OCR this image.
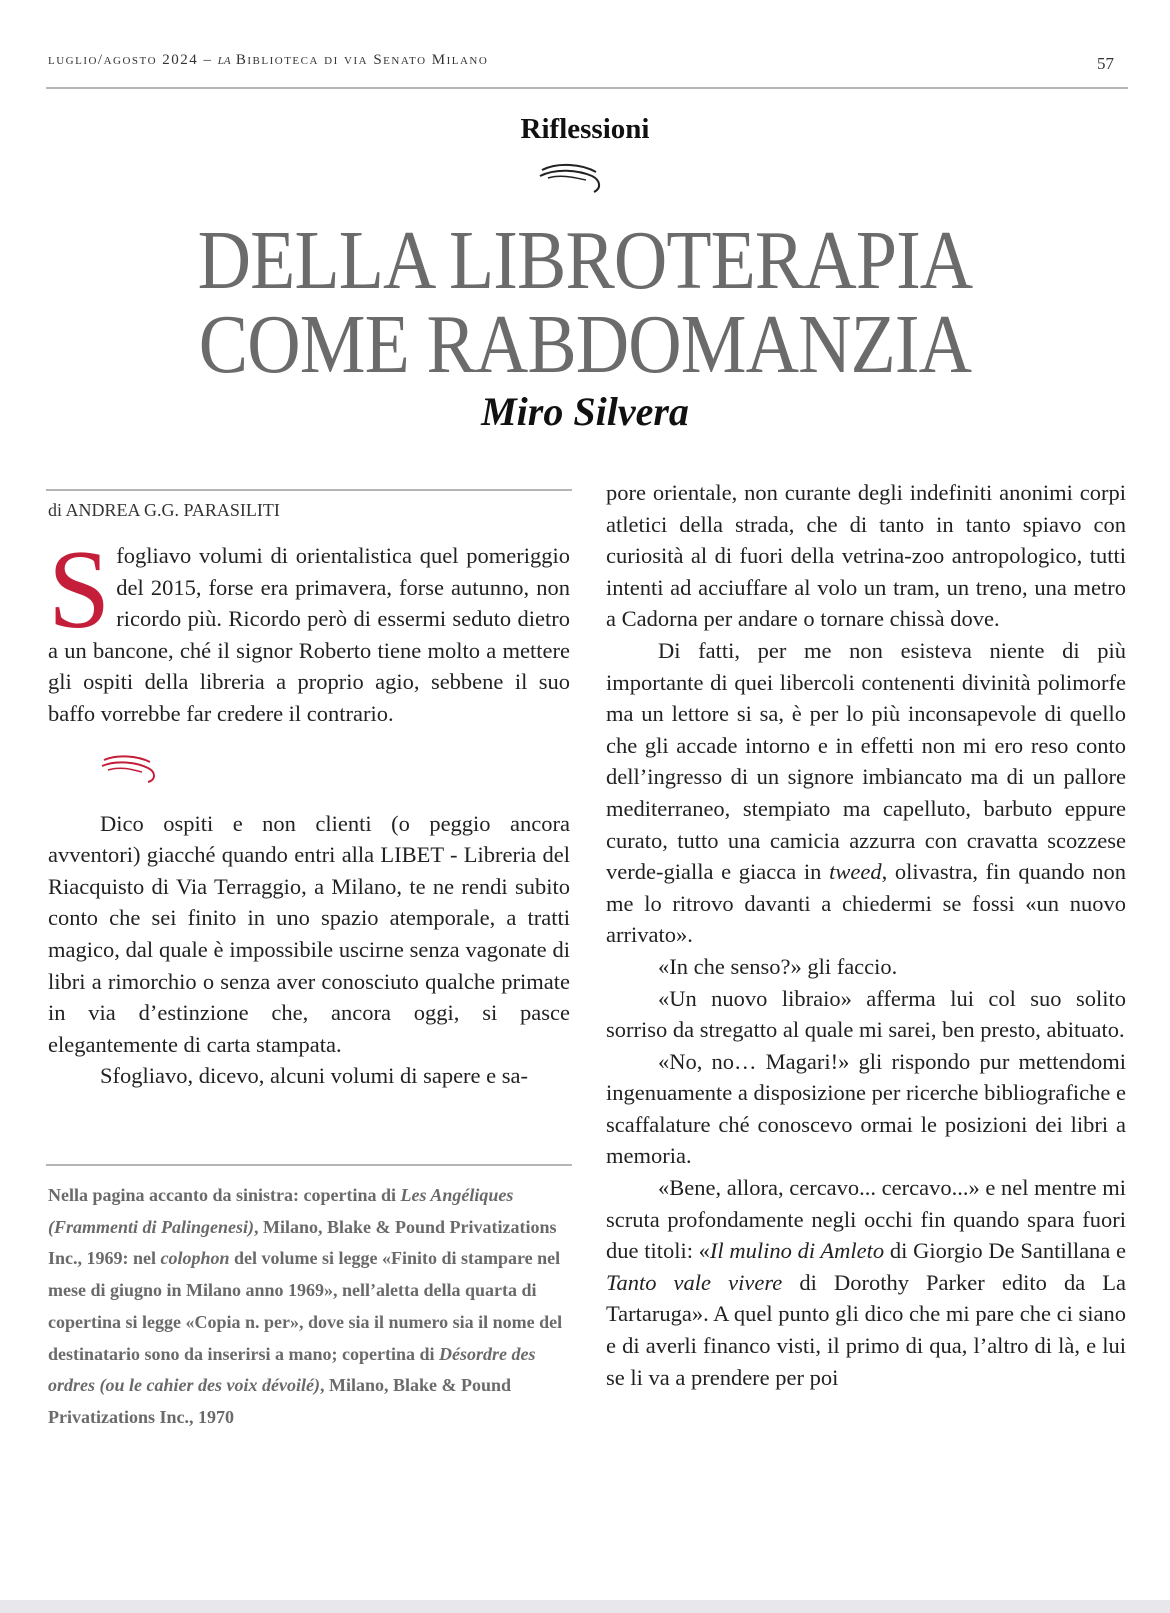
luglio/agosto 2024 – la Biblioteca di via Senato Milano	57
Riflessioni
DELLA LIBROTERAPIA
COME RABDOMANZIA
Miro Silvera
di ANDREA G.G. PARASILITI

Sfogliavo volumi di orientalistica quel pomeriggio del 2015, forse era primavera, forse autunno, non ricordo più. Ricordo però di essermi seduto dietro a un bancone, ché il signor Roberto tiene molto a mettere gli ospiti della libreria a proprio agio, sebbene il suo baffo vorrebbe far credere il contrario.

Dico ospiti e non clienti (o peggio ancora avventori) giacché quando entri alla LIBET - Libreria del Riacquisto di Via Terraggio, a Milano, te ne rendi subito conto che sei finito in uno spazio atemporale, a tratti magico, dal quale è impossibile uscirne senza vagonate di libri a rimorchio o senza aver conosciuto qualche primate in via d’estinzione che, ancora oggi, si pasce elegantemente di carta stampata.

Sfogliavo, dicevo, alcuni volumi di sapere e sa-

Nella pagina accanto da sinistra: copertina di Les Angéliques (Frammenti di Palingenesi), Milano, Blake & Pound Privatizations Inc., 1969: nel colophon del volume si legge «Finito di stampare nel mese di giugno in Milano anno 1969», nell’aletta della quarta di copertina si legge «Copia n. per», dove sia il numero sia il nome del destinatario sono da inserirsi a mano; copertina di Désordre des ordres (ou le cahier des voix dévoilé), Milano, Blake & Pound Privatizations Inc., 1970

pore orientale, non curante degli indefiniti anonimi corpi atletici della strada, che di tanto in tanto spiavo con curiosità al di fuori della vetrina-zoo antropologico, tutti intenti ad acciuffare al volo un tram, un treno, una metro a Cadorna per andare o tornare chissà dove.

Di fatti, per me non esisteva niente di più importante di quei libercoli contenenti divinità polimorfe ma un lettore si sa, è per lo più inconsapevole di quello che gli accade intorno e in effetti non mi ero reso conto dell’ingresso di un signore imbiancato ma di un pallore mediterraneo, stempiato ma capelluto, barbuto eppure curato, tutto una camicia azzurra con cravatta scozzese verde-gialla e giacca in tweed, olivastra, fin quando non me lo ritrovo davanti a chiedermi se fossi «un nuovo arrivato».

«In che senso?» gli faccio.

«Un nuovo libraio» afferma lui col suo solito sorriso da stregatto al quale mi sarei, ben presto, abituato.

«No, no… Magari!» gli rispondo pur mettendomi ingenuamente a disposizione per ricerche bibliografiche e scaffalature ché conoscevo ormai le posizioni dei libri a memoria.

«Bene, allora, cercavo... cercavo...» e nel mentre mi scruta profondamente negli occhi fin quando spara fuori due titoli: «Il mulino di Amleto di Giorgio De Santillana e Tanto vale vivere di Dorothy Parker edito da La Tartaruga». A quel punto gli dico che mi pare che ci siano e di averli financo visti, il primo di qua, l’altro di là, e lui se li va a prendere per poi
